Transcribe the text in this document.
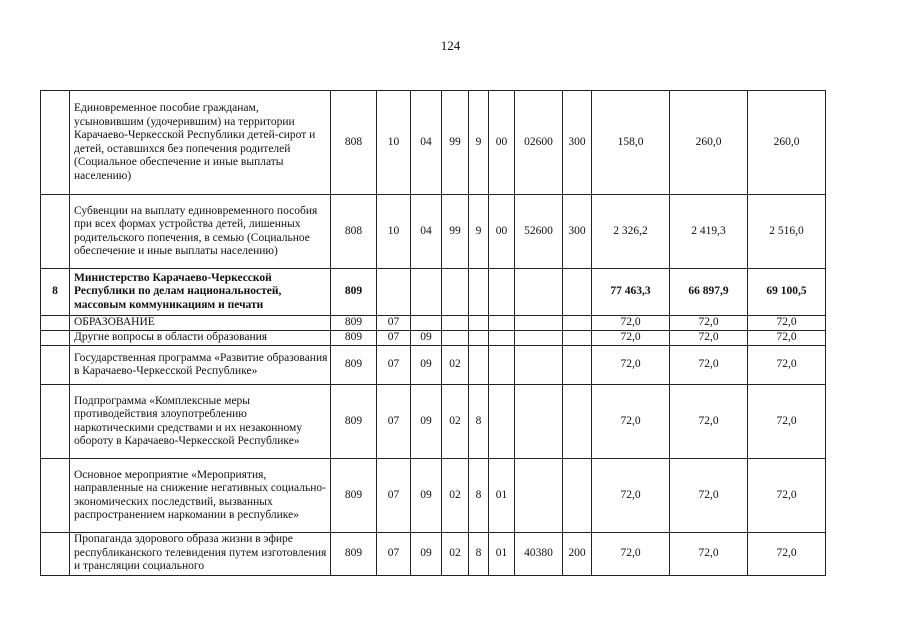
124
	Единовременное пособие гражданам, усыновившим (удочерившим) на территории Карачаево-Черкесской Республики детей-сирот и детей, оставшихся без попечения родителей (Социальное обеспечение и иные выплаты населению)	808	10	04	99	9	00	02600	300	158,0	260,0	260,0
	Субвенции на выплату единовременного пособия при всех формах устройства детей, лишенных родительского попечения, в семью (Социальное обеспечение и иные выплаты населению)	808	10	04	99	9	00	52600	300	2 326,2	2 419,3	2 516,0
8	Министерство Карачаево-Черкесской Республики по делам национальностей, массовым коммуникациям и печати	809								77 463,3	66 897,9	69 100,5
	ОБРАЗОВАНИЕ	809	07							72,0	72,0	72,0
	Другие вопросы в области образования	809	07	09						72,0	72,0	72,0
	Государственная программа «Развитие образования в Карачаево-Черкесской Республике»	809	07	09	02					72,0	72,0	72,0
	Подпрограмма «Комплексные меры противодействия злоупотреблению наркотическими средствами и их незаконному обороту в Карачаево-Черкесской Республике»	809	07	09	02	8				72,0	72,0	72,0
	Основное мероприятие «Мероприятия, направленные на снижение негативных социально-экономических последствий, вызванных распространением наркомании в республике»	809	07	09	02	8	01			72,0	72,0	72,0
	Пропаганда здорового образа жизни в эфире республиканского телевидения путем изготовления и трансляции социального	809	07	09	02	8	01	40380	200	72,0	72,0	72,0
